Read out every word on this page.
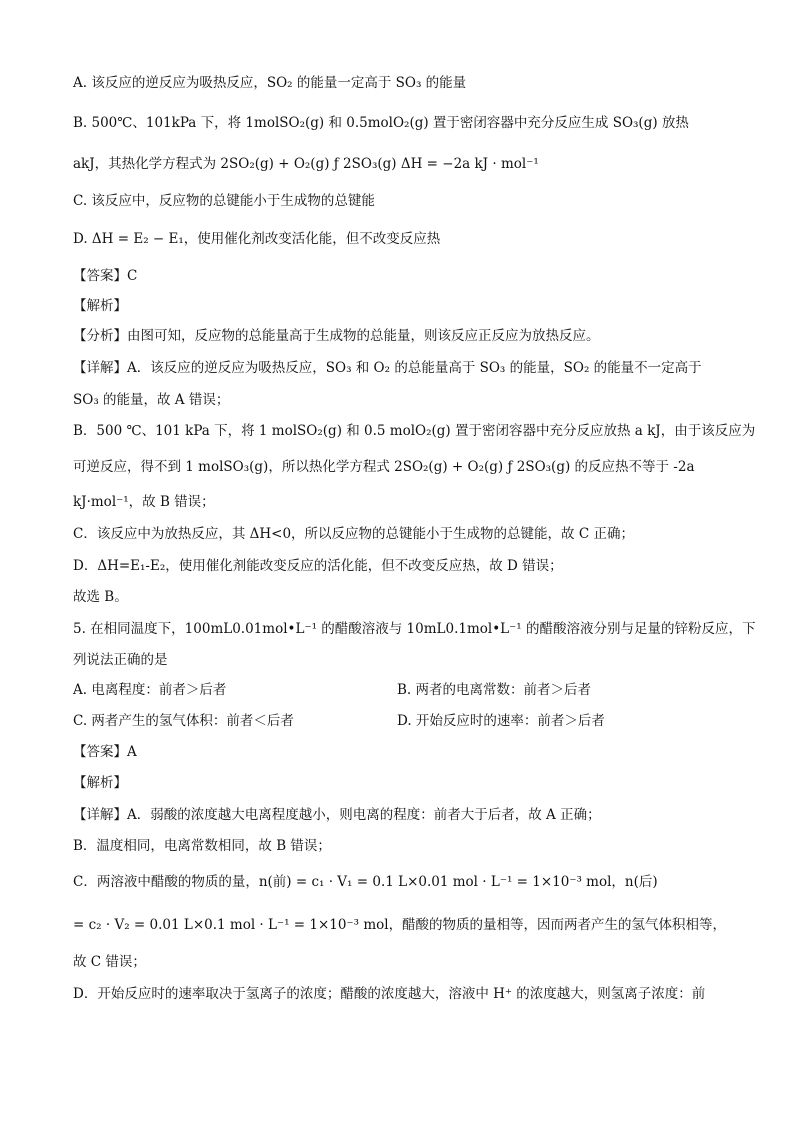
A. 该反应的逆反应为吸热反应，SO₂ 的能量一定高于 SO₃ 的能量
B. 500℃、101kPa 下，将 1molSO₂(g) 和 0.5molO₂(g) 置于密闭容器中充分反应生成 SO₃(g) 放热
akJ，其热化学方程式为 2SO₂(g) + O₂(g) ƒ 2SO₃(g) ΔH = −2a kJ · mol⁻¹
C. 该反应中，反应物的总键能小于生成物的总键能
D. ΔH = E₂ − E₁，使用催化剂改变活化能，但不改变反应热
【答案】C
【解析】
【分析】由图可知，反应物的总能量高于生成物的总能量，则该反应正反应为放热反应。
【详解】A．该反应的逆反应为吸热反应，SO₃ 和 O₂ 的总能量高于 SO₃ 的能量，SO₂ 的能量不一定高于
SO₃ 的能量，故 A 错误；
B．500 ℃、101 kPa 下，将 1 molSO₂(g) 和 0.5 molO₂(g) 置于密闭容器中充分反应放热 a kJ，由于该反应为
可逆反应，得不到 1 molSO₃(g)，所以热化学方程式 2SO₂(g) + O₂(g) ƒ 2SO₃(g) 的反应热不等于 -2a
kJ·mol⁻¹，故 B 错误；
C．该反应中为放热反应，其 ΔH<0，所以反应物的总键能小于生成物的总键能，故 C 正确；
D．ΔH=E₁-E₂，使用催化剂能改变反应的活化能，但不改变反应热，故 D 错误；
故选 B。
5. 在相同温度下，100mL0.01mol•L⁻¹ 的醋酸溶液与 10mL0.1mol•L⁻¹ 的醋酸溶液分别与足量的锌粉反应，下
列说法正确的是
A. 电离程度：前者＞后者	B. 两者的电离常数：前者＞后者
C. 两者产生的氢气体积：前者＜后者	D. 开始反应时的速率：前者＞后者
【答案】A
【解析】
【详解】A．弱酸的浓度越大电离程度越小，则电离的程度：前者大于后者，故 A 正确；
B．温度相同，电离常数相同，故 B 错误；
C．两溶液中醋酸的物质的量，n(前) = c₁ · V₁ = 0.1 L×0.01 mol · L⁻¹ = 1×10⁻³ mol，n(后)
= c₂ · V₂ = 0.01 L×0.1 mol · L⁻¹ = 1×10⁻³ mol，醋酸的物质的量相等，因而两者产生的氢气体积相等，
故 C 错误；
D．开始反应时的速率取决于氢离子的浓度；醋酸的浓度越大，溶液中 H⁺ 的浓度越大，则氢离子浓度：前
